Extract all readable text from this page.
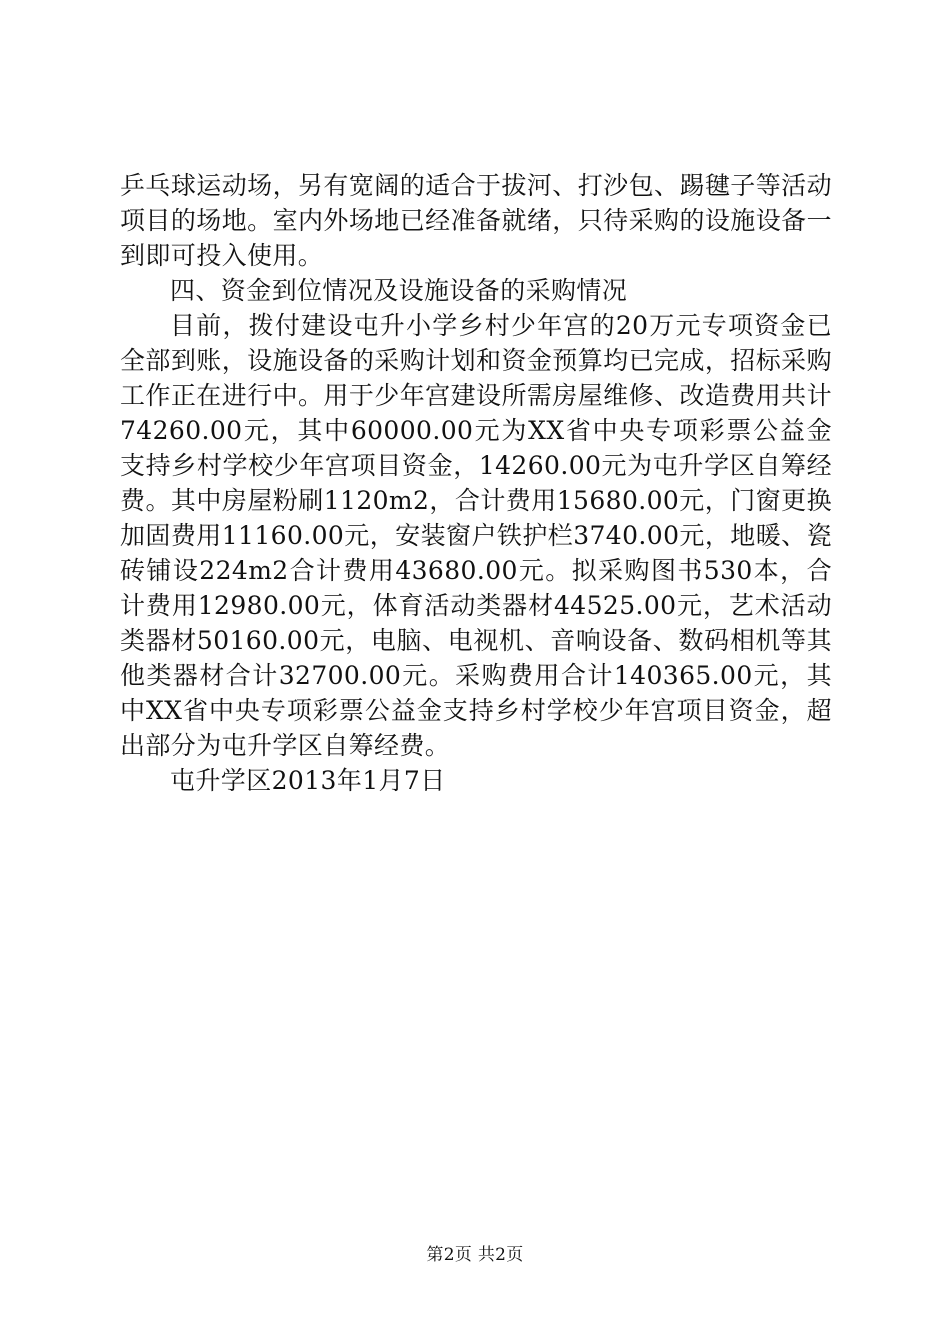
乒乓球运动场，另有宽阔的适合于拔河、打沙包、踢毽子等活动项目的场地。室内外场地已经准备就绪，只待采购的设施设备一到即可投入使用。

四、资金到位情况及设施设备的采购情况

目前，拨付建设屯升小学乡村少年宫的20万元专项资金已全部到账，设施设备的采购计划和资金预算均已完成，招标采购工作正在进行中。用于少年宫建设所需房屋维修、改造费用共计74260.00元，其中60000.00元为XX省中央专项彩票公益金支持乡村学校少年宫项目资金，14260.00元为屯升学区自筹经费。其中房屋粉刷1120m2，合计费用15680.00元，门窗更换加固费用11160.00元，安装窗户铁护栏3740.00元，地暖、瓷砖铺设224m2合计费用43680.00元。拟采购图书530本，合计费用12980.00元，体育活动类器材44525.00元，艺术活动类器材50160.00元，电脑、电视机、音响设备、数码相机等其他类器材合计32700.00元。采购费用合计140365.00元，其中XX省中央专项彩票公益金支持乡村学校少年宫项目资金，超出部分为屯升学区自筹经费。

屯升学区2013年1月7日

第2页 共2页
